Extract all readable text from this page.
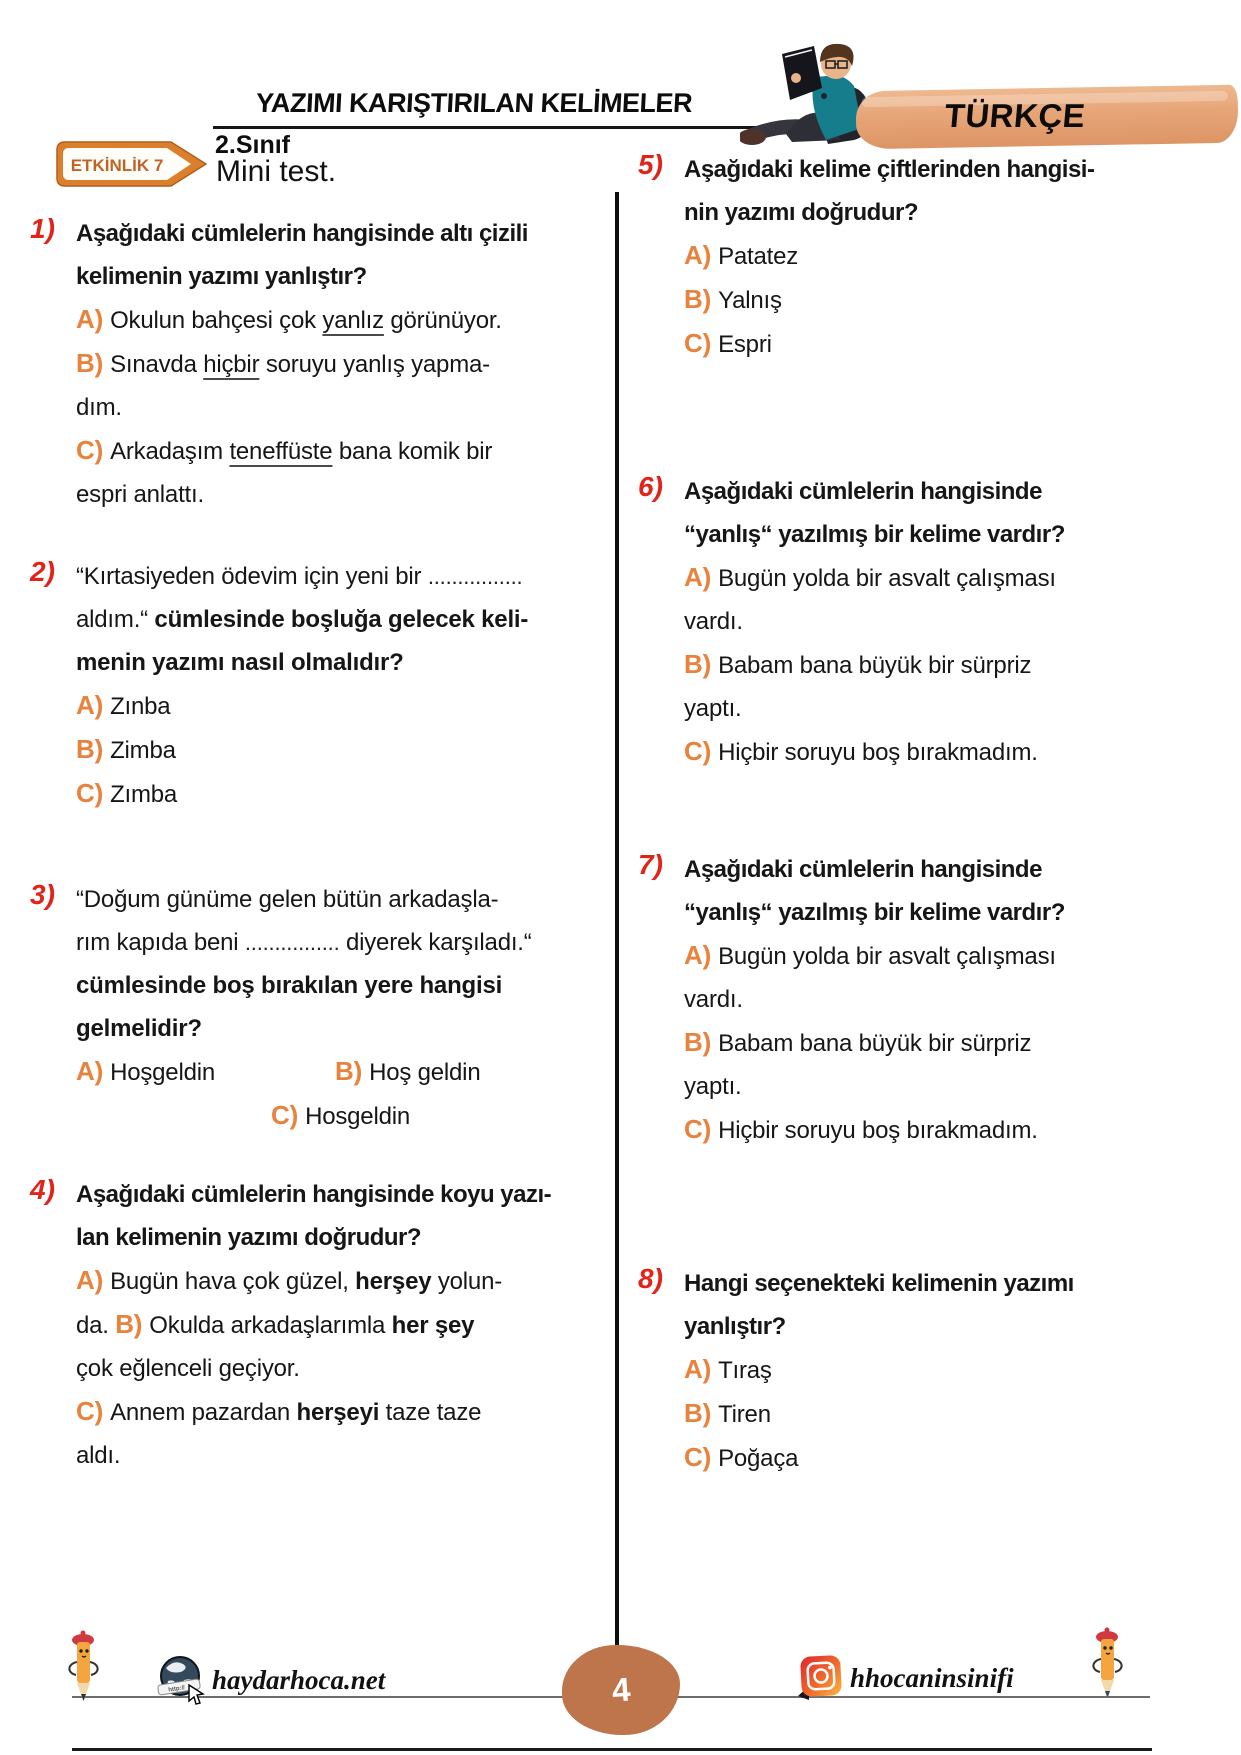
YAZIMI KARIŞTIRILAN KELİMELER
2.Sınıf
ETKİNLİK 7 Mini test.
TÜRKÇE
1) Aşağıdaki cümlelerin hangisinde altı çizili
kelimenin yazımı yanlıştır?
A) Okulun bahçesi çok yanlız görünüyor.
B) Sınavda hiçbir soruyu yanlış yapma-
dım.
C) Arkadaşım teneffüste bana komik bir
espri anlattı.
2) “Kırtasiyeden ödevim için yeni bir ................
aldım.“ cümlesinde boşluğa gelecek keli-
menin yazımı nasıl olmalıdır?
A) Zınba
B) Zimba
C) Zımba
3) “Doğum günüme gelen bütün arkadaşla-
rım kapıda beni ................ diyerek karşıladı.“
cümlesinde boş bırakılan yere hangisi
gelmelidir?
A) Hoşgeldin	B) Hoş geldin
C) Hosgeldin
4) Aşağıdaki cümlelerin hangisinde koyu yazı-
lan kelimenin yazımı doğrudur?
A) Bugün hava çok güzel, herşey yolun-
da. B) Okulda arkadaşlarımla her şey
çok eğlenceli geçiyor.
C) Annem pazardan herşeyi taze taze
aldı.
5) Aşağıdaki kelime çiftlerinden hangisi-
nin yazımı doğrudur?
A) Patatez
B) Yalnış
C) Espri
6) Aşağıdaki cümlelerin hangisinde
“yanlış“ yazılmış bir kelime vardır?
A) Bugün yolda bir asvalt çalışması
vardı.
B) Babam bana büyük bir sürpriz
yaptı.
C) Hiçbir soruyu boş bırakmadım.
7) Aşağıdaki cümlelerin hangisinde
“yanlış“ yazılmış bir kelime vardır?
A) Bugün yolda bir asvalt çalışması
vardı.
B) Babam bana büyük bir sürpriz
yaptı.
C) Hiçbir soruyu boş bırakmadım.
8) Hangi seçenekteki kelimenin yazımı
yanlıştır?
A) Tıraş
B) Tiren
C) Poğaça
http:// haydarhoca.net	4	hhocaninsinifi
